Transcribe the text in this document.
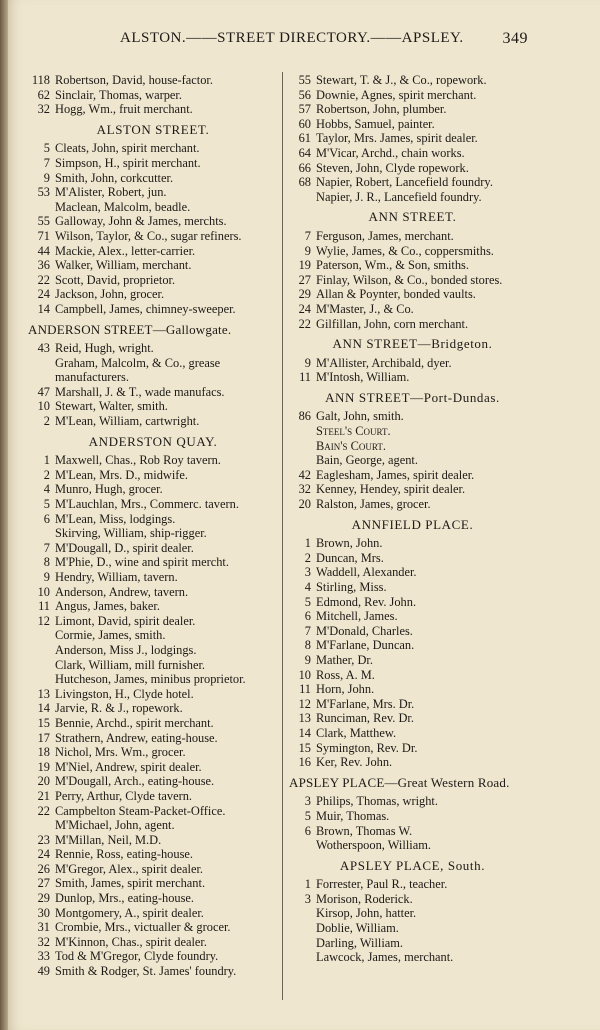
ALSTON.——STREET DIRECTORY.——APSLEY. 349
118 Robertson, David, house-factor.
62 Sinclair, Thomas, warper.
32 Hogg, Wm., fruit merchant.
ALSTON STREET.
5 Cleats, John, spirit merchant.
7 Simpson, H., spirit merchant.
9 Smith, John, corkcutter.
53 M'Alister, Robert, jun.
Maclean, Malcolm, beadle.
55 Galloway, John & James, merchts.
71 Wilson, Taylor, & Co., sugar refiners.
44 Mackie, Alex., letter-carrier.
36 Walker, William, merchant.
22 Scott, David, proprietor.
24 Jackson, John, grocer.
14 Campbell, James, chimney-sweeper.
ANDERSON STREET—Gallowgate.
43 Reid, Hugh, wright.
Graham, Malcolm, & Co., grease
manufacturers.
47 Marshall, J. & T., wade manufacs.
10 Stewart, Walter, smith.
2 M'Lean, William, cartwright.
ANDERSTON QUAY.
1 Maxwell, Chas., Rob Roy tavern.
2 M'Lean, Mrs. D., midwife.
4 Munro, Hugh, grocer.
5 M'Lauchlan, Mrs., Commerc. tavern.
6 M'Lean, Miss, lodgings.
Skirving, William, ship-rigger.
7 M'Dougall, D., spirit dealer.
8 M'Phie, D., wine and spirit mercht.
9 Hendry, William, tavern.
10 Anderson, Andrew, tavern.
11 Angus, James, baker.
12 Limont, David, spirit dealer.
Cormie, James, smith.
Anderson, Miss J., lodgings.
Clark, William, mill furnisher.
Hutcheson, James, minibus proprietor.
13 Livingston, H., Clyde hotel.
14 Jarvie, R. & J., ropework.
15 Bennie, Archd., spirit merchant.
17 Strathern, Andrew, eating-house.
18 Nichol, Mrs. Wm., grocer.
19 M'Niel, Andrew, spirit dealer.
20 M'Dougall, Arch., eating-house.
21 Perry, Arthur, Clyde tavern.
22 Campbelton Steam-Packet-Office.
M'Michael, John, agent.
23 M'Millan, Neil, M.D.
24 Rennie, Ross, eating-house.
26 M'Gregor, Alex., spirit dealer.
27 Smith, James, spirit merchant.
29 Dunlop, Mrs., eating-house.
30 Montgomery, A., spirit dealer.
31 Crombie, Mrs., victualler & grocer.
32 M'Kinnon, Chas., spirit dealer.
33 Tod & M'Gregor, Clyde foundry.
49 Smith & Rodger, St. James' foundry.
55 Stewart, T. & J., & Co., ropework.
56 Downie, Agnes, spirit merchant.
57 Robertson, John, plumber.
60 Hobbs, Samuel, painter.
61 Taylor, Mrs. James, spirit dealer.
64 M'Vicar, Archd., chain works.
66 Steven, John, Clyde ropework.
68 Napier, Robert, Lancefield foundry.
Napier, J. R., Lancefield foundry.
ANN STREET.
7 Ferguson, James, merchant.
9 Wylie, James, & Co., coppersmiths.
19 Paterson, Wm., & Son, smiths.
27 Finlay, Wilson, & Co., bonded stores.
29 Allan & Poynter, bonded vaults.
24 M'Master, J., & Co.
22 Gilfillan, John, corn merchant.
ANN STREET—Bridgeton.
9 M'Allister, Archibald, dyer.
11 M'Intosh, William.
ANN STREET—Port-Dundas.
86 Galt, John, smith.
Steel's Court.
Bain's Court.
Bain, George, agent.
42 Eaglesham, James, spirit dealer.
32 Kenney, Hendey, spirit dealer.
20 Ralston, James, grocer.
ANNFIELD PLACE.
1 Brown, John.
2 Duncan, Mrs.
3 Waddell, Alexander.
4 Stirling, Miss.
5 Edmond, Rev. John.
6 Mitchell, James.
7 M'Donald, Charles.
8 M'Farlane, Duncan.
9 Mather, Dr.
10 Ross, A. M.
11 Horn, John.
12 M'Farlane, Mrs. Dr.
13 Runciman, Rev. Dr.
14 Clark, Matthew.
15 Symington, Rev. Dr.
16 Ker, Rev. John.
APSLEY PLACE—Great Western Road.
3 Philips, Thomas, wright.
5 Muir, Thomas.
6 Brown, Thomas W.
Wotherspoon, William.
APSLEY PLACE, South.
1 Forrester, Paul R., teacher.
3 Morison, Roderick.
Kirsop, John, hatter.
Doblie, William.
Darling, William.
Lawcock, James, merchant.
